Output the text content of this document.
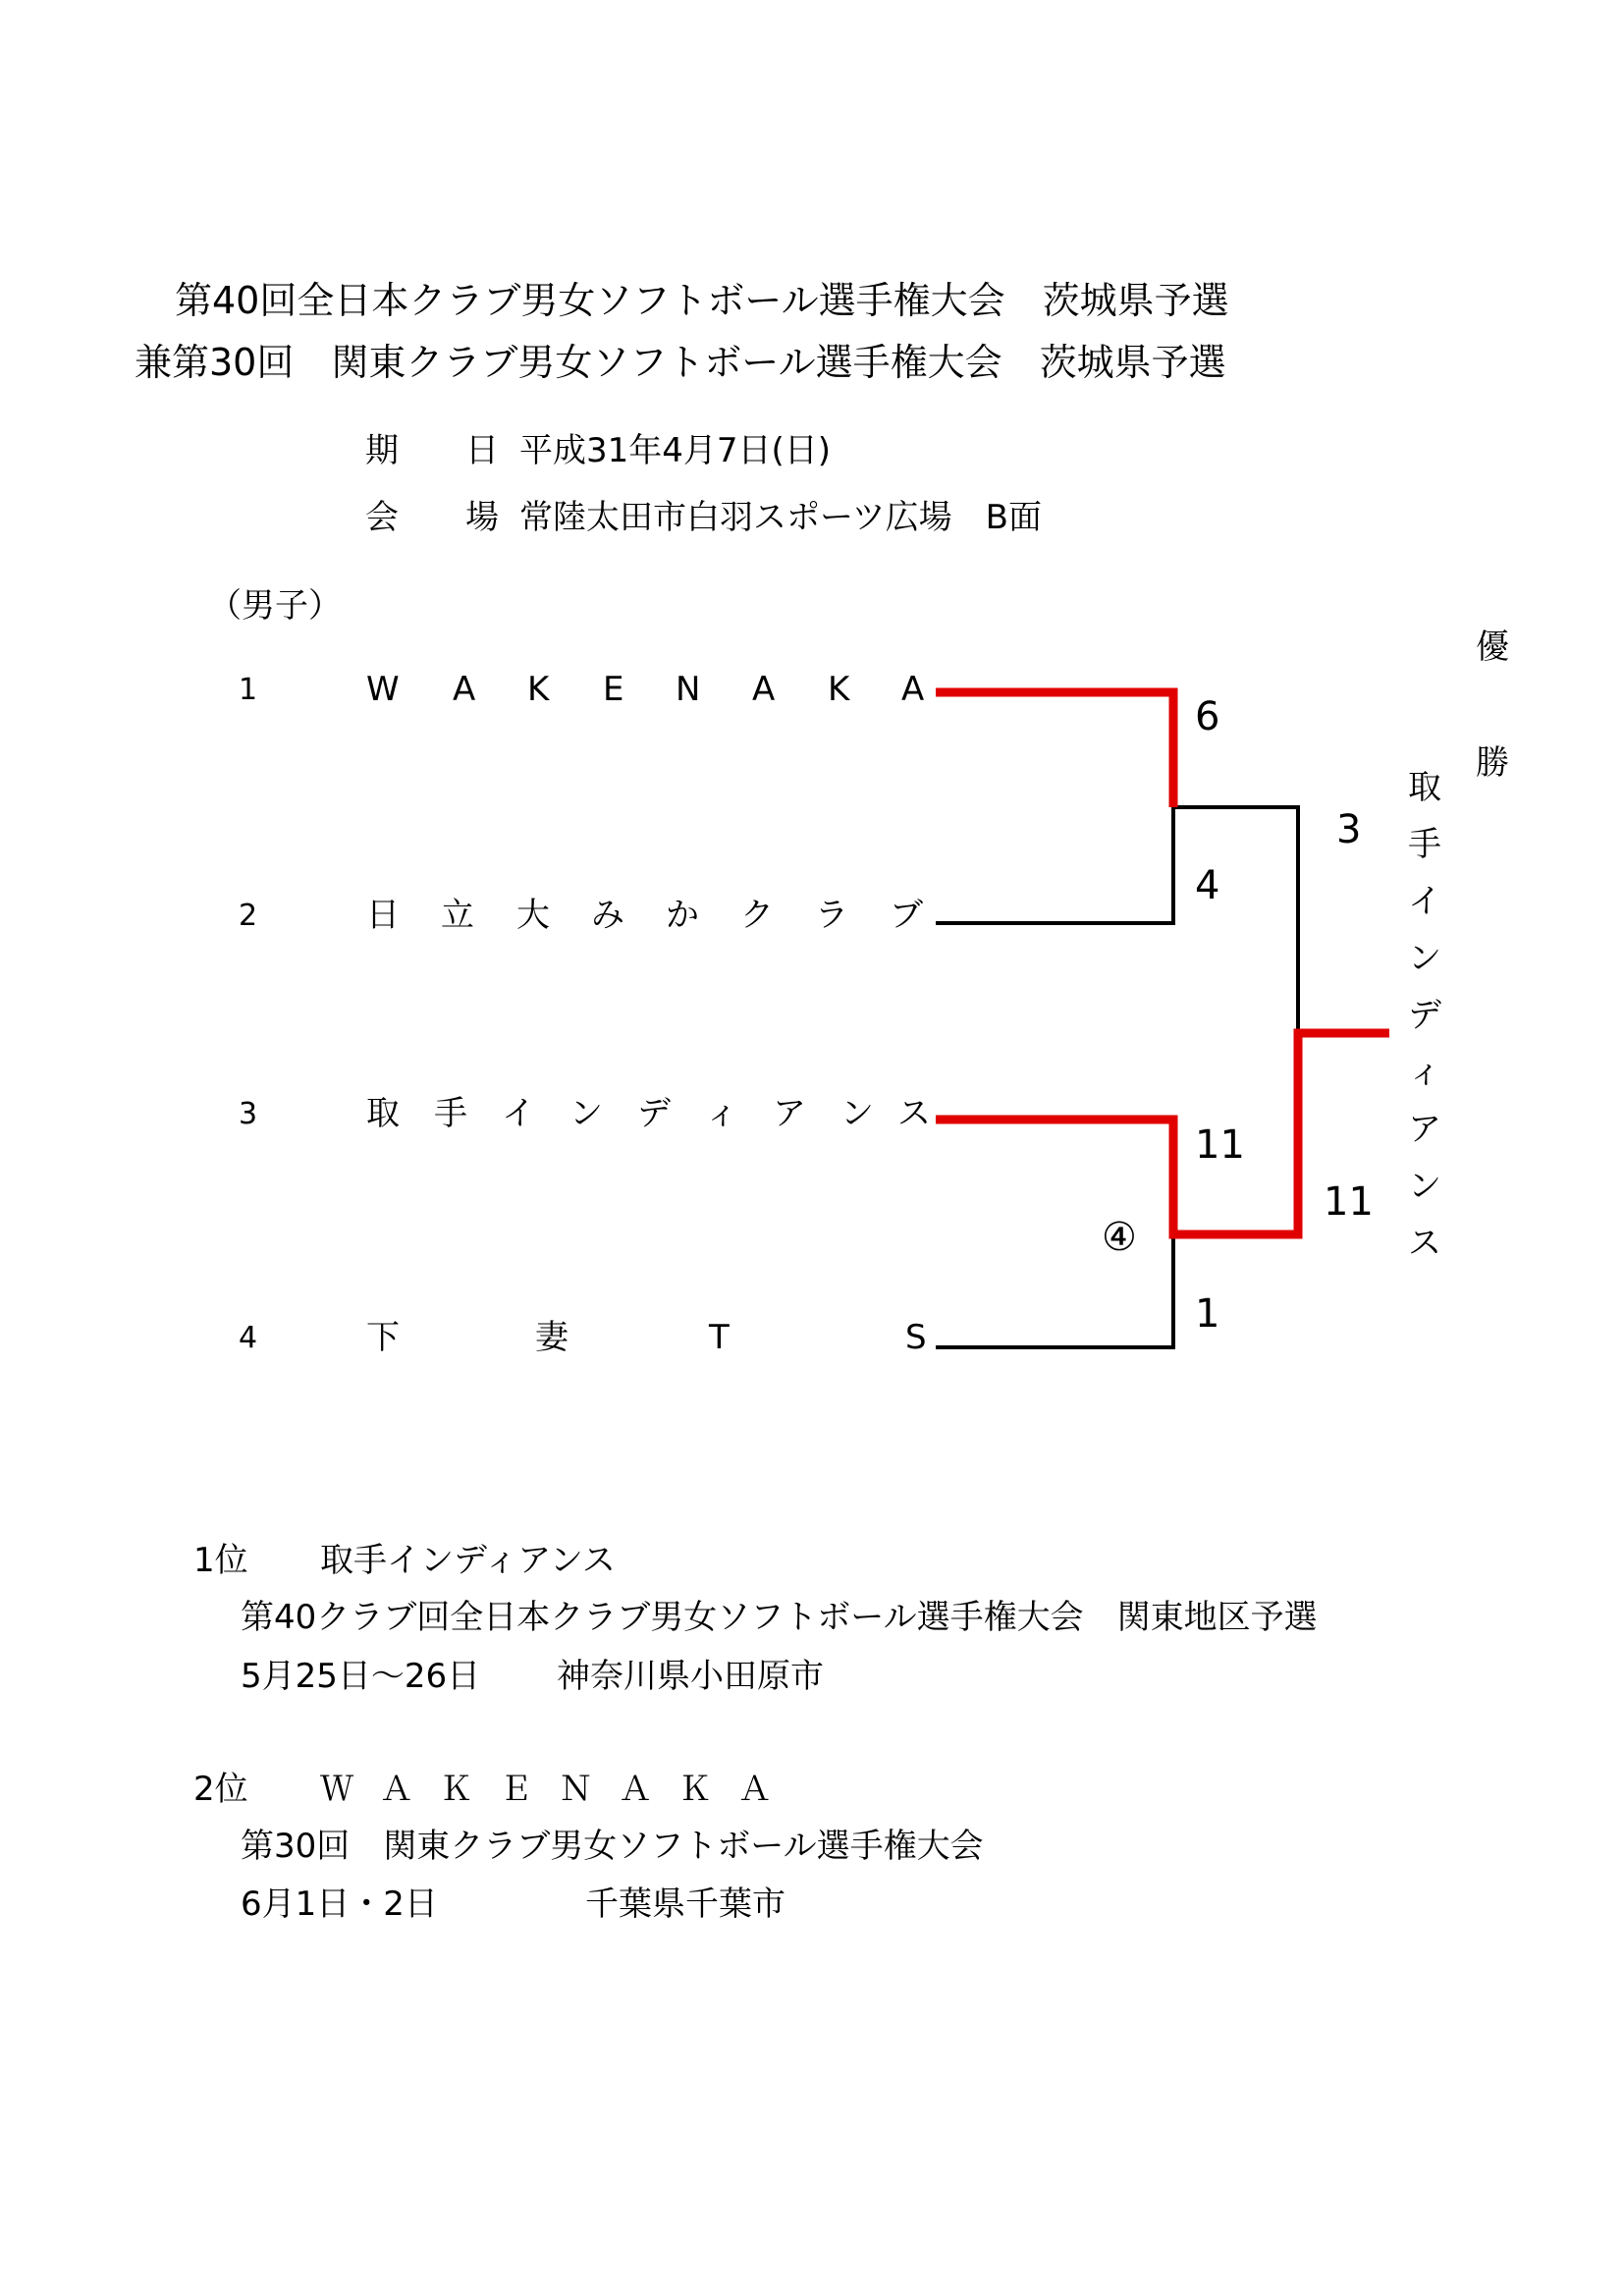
第40回全日本クラブ男女ソフトボール選手権大会　茨城県予選
兼第30回　関東クラブ男女ソフトボール選手権大会　茨城県予選
期　　日 平成31年4月7日(日)
会　　場 常陸太田市白羽スポーツ広場　B面
（男子）
優
勝
1
2
3
4
W A K E N A K A
日 立 大 み か ク ラ ブ
取 手 イ ン デ ィ ア ン ス
下	妻	T	S
6
4
11
1
3
11
④
取
手
イ
ン
デ
ィ
ア
ン
ス
1位 取手インディアンス
第40クラブ回全日本クラブ男女ソフトボール選手権大会　関東地区予選
5月25日～26日 神奈川県小田原市
2位 Ｗ Ａ Ｋ Ｅ Ｎ Ａ Ｋ Ａ
第30回　関東クラブ男女ソフトボール選手権大会
6月1日・2日	千葉県千葉市
